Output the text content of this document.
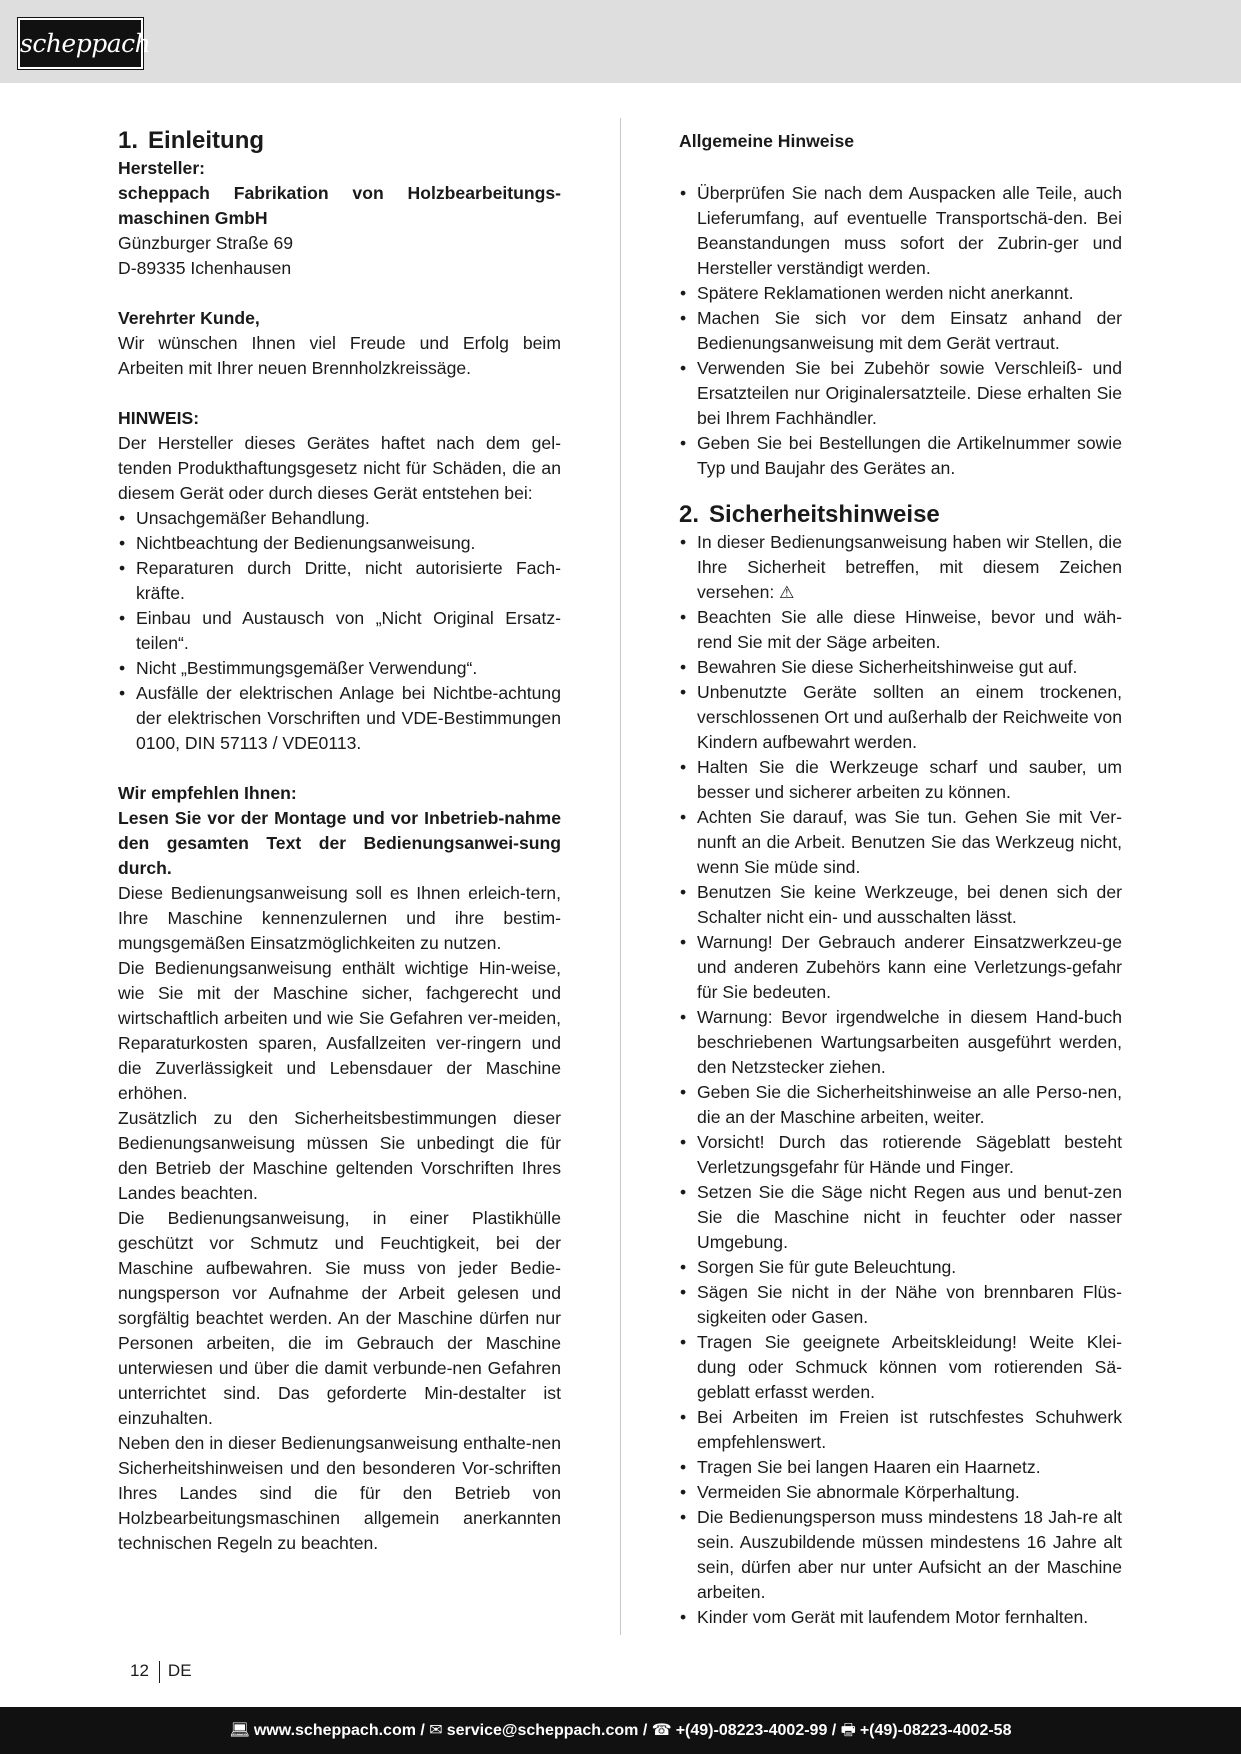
scheppach
1. Einleitung

Hersteller:

scheppach Fabrikation von Holzbearbeitungs-maschinen GmbH

Günzburger Straße 69

D-89335 Ichenhausen

Verehrter Kunde,

Wir wünschen Ihnen viel Freude und Erfolg beim Arbeiten mit Ihrer neuen Brennholzkreissäge.

HINWEIS:

Der Hersteller dieses Gerätes haftet nach dem gel-tenden Produkthaftungsgesetz nicht für Schäden, die an diesem Gerät oder durch dieses Gerät entstehen bei:

• Unsachgemäßer Behandlung.
• Nichtbeachtung der Bedienungsanweisung.
• Reparaturen durch Dritte, nicht autorisierte Fach-kräfte.
• Einbau und Austausch von „Nicht Original Ersatz-teilen“.
• Nicht „Bestimmungsgemäßer Verwendung“.
• Ausfälle der elektrischen Anlage bei Nichtbe-achtung der elektrischen Vorschriften und VDE-Bestimmungen 0100, DIN 57113 / VDE0113.

Wir empfehlen Ihnen:

Lesen Sie vor der Montage und vor Inbetrieb-nahme den gesamten Text der Bedienungsanwei-sung durch.

Diese Bedienungsanweisung soll es Ihnen erleich-tern, Ihre Maschine kennenzulernen und ihre bestim-mungsgemäßen Einsatzmöglichkeiten zu nutzen.

Die Bedienungsanweisung enthält wichtige Hin-weise, wie Sie mit der Maschine sicher, fachgerecht und wirtschaftlich arbeiten und wie Sie Gefahren ver-meiden, Reparaturkosten sparen, Ausfallzeiten ver-ringern und die Zuverlässigkeit und Lebensdauer der Maschine erhöhen.

Zusätzlich zu den Sicherheitsbestimmungen dieser Bedienungsanweisung müssen Sie unbedingt die für den Betrieb der Maschine geltenden Vorschriften Ihres Landes beachten.

Die Bedienungsanweisung, in einer Plastikhülle geschützt vor Schmutz und Feuchtigkeit, bei der Maschine aufbewahren. Sie muss von jeder Bedie-nungsperson vor Aufnahme der Arbeit gelesen und sorgfältig beachtet werden. An der Maschine dürfen nur Personen arbeiten, die im Gebrauch der Maschine unterwiesen und über die damit verbunde-nen Gefahren unterrichtet sind. Das geforderte Min-destalter ist einzuhalten.

Neben den in dieser Bedienungsanweisung enthalte-nen Sicherheitshinweisen und den besonderen Vor-schriften Ihres Landes sind die für den Betrieb von Holzbearbeitungsmaschinen allgemein anerkannten technischen Regeln zu beachten.

Allgemeine Hinweise

• Überprüfen Sie nach dem Auspacken alle Teile, auch Lieferumfang, auf eventuelle Transportschä-den. Bei Beanstandungen muss sofort der Zubrin-ger und Hersteller verständigt werden.
• Spätere Reklamationen werden nicht anerkannt.
• Machen Sie sich vor dem Einsatz anhand der Bedienungsanweisung mit dem Gerät vertraut.
• Verwenden Sie bei Zubehör sowie Verschleiß- und Ersatzteilen nur Originalersatzteile. Diese erhalten Sie bei Ihrem Fachhändler.
• Geben Sie bei Bestellungen die Artikelnummer sowie Typ und Baujahr des Gerätes an.
2. Sicherheitshinweise
• In dieser Bedienungsanweisung haben wir Stellen, die Ihre Sicherheit betreffen, mit diesem Zeichen versehen: ⚠
• Beachten Sie alle diese Hinweise, bevor und wäh-rend Sie mit der Säge arbeiten.
• Bewahren Sie diese Sicherheitshinweise gut auf.
• Unbenutzte Geräte sollten an einem trockenen, verschlossenen Ort und außerhalb der Reichweite von Kindern aufbewahrt werden.
• Halten Sie die Werkzeuge scharf und sauber, um besser und sicherer arbeiten zu können.
• Achten Sie darauf, was Sie tun. Gehen Sie mit Ver-nunft an die Arbeit. Benutzen Sie das Werkzeug nicht, wenn Sie müde sind.
• Benutzen Sie keine Werkzeuge, bei denen sich der Schalter nicht ein- und ausschalten lässt.
• Warnung! Der Gebrauch anderer Einsatzwerkzeu-ge und anderen Zubehörs kann eine Verletzungs-gefahr für Sie bedeuten.
• Warnung: Bevor irgendwelche in diesem Hand-buch beschriebenen Wartungsarbeiten ausgeführt werden, den Netzstecker ziehen.
• Geben Sie die Sicherheitshinweise an alle Perso-nen, die an der Maschine arbeiten, weiter.
• Vorsicht! Durch das rotierende Sägeblatt besteht Verletzungsgefahr für Hände und Finger.
• Setzen Sie die Säge nicht Regen aus und benut-zen Sie die Maschine nicht in feuchter oder nasser Umgebung.
• Sorgen Sie für gute Beleuchtung.
• Sägen Sie nicht in der Nähe von brennbaren Flüs-sigkeiten oder Gasen.
• Tragen Sie geeignete Arbeitskleidung! Weite Klei-dung oder Schmuck können vom rotierenden Sä-geblatt erfasst werden.
• Bei Arbeiten im Freien ist rutschfestes Schuhwerk empfehlenswert.
• Tragen Sie bei langen Haaren ein Haarnetz.
• Vermeiden Sie abnormale Körperhaltung.
• Die Bedienungsperson muss mindestens 18 Jah-re alt sein. Auszubildende müssen mindestens 16 Jahre alt sein, dürfen aber nur unter Aufsicht an der Maschine arbeiten.
• Kinder vom Gerät mit laufendem Motor fernhalten.
12 DE
💻︎ www.scheppach.com / ✉︎ service@scheppach.com / ☎ +(49)-08223-4002-99 / 🖶︎ +(49)-08223-4002-58
